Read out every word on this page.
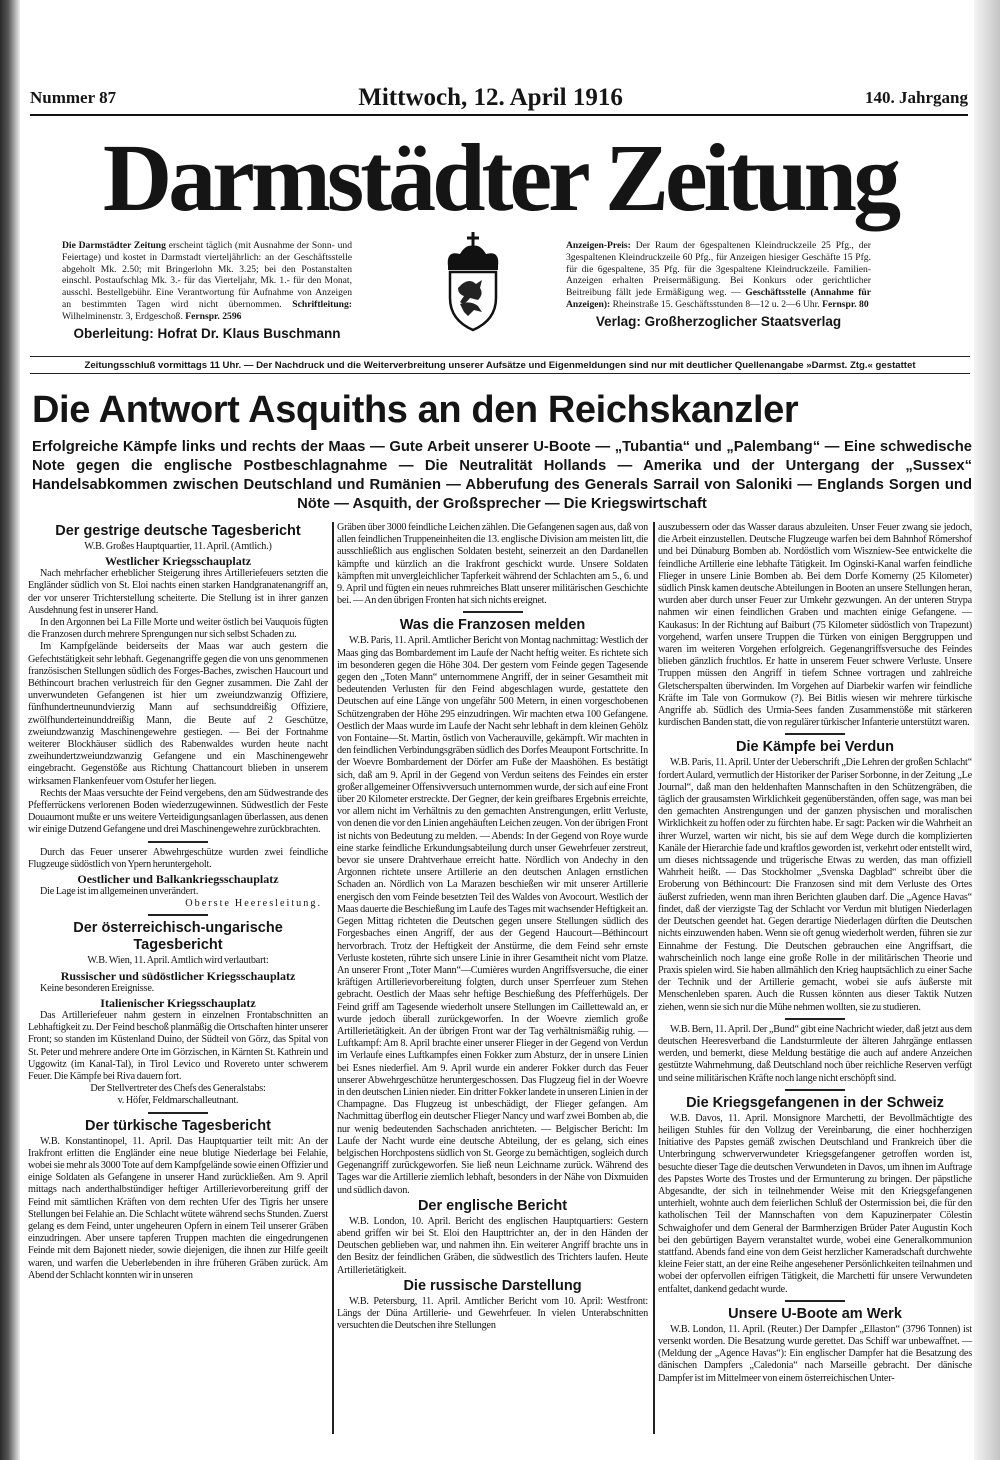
Nummer 87	Mittwoch, 12. April 1916	140. Jahrgang
Darmstädter Zeitung
Die Darmstädter Zeitung erscheint täglich (mit Ausnahme der Sonn- und Feiertage) und kostet in Darmstadt vierteljährlich: an der Geschäftsstelle abgeholt Mk. 2.50; mit Bringerlohn Mk. 3.25; bei den Postanstalten einschl. Postaufschlag Mk. 3.- für das Vierteljahr, Mk. 1.- für den Monat, ausschl. Bestellgebühr. Eine Verantwortung für Aufnahme von Anzeigen an bestimmten Tagen wird nicht übernommen. Schriftleitung: Wilhelminenstr. 3, Erdgeschoß. Fernspr. 2596
Oberleitung: Hofrat Dr. Klaus Buschmann
Anzeigen-Preis: Der Raum der 6gespaltenen Kleindruckzeile 25 Pfg., der 3gespaltenen Kleindruckzeile 60 Pfg., für Anzeigen hiesiger Geschäfte 15 Pfg. für die 6gespaltene, 35 Pfg. für die 3gespaltene Kleindruckzeile. Familien-Anzeigen erhalten Preisermäßigung. Bei Konkurs oder gerichtlicher Beitreibung fällt jede Ermäßigung weg. — Geschäftsstelle (Annahme für Anzeigen): Rheinstraße 15. Geschäftsstunden 8—12 u. 2—6 Uhr. Fernspr. 80
Verlag: Großherzoglicher Staatsverlag
Zeitungsschluß vormittags 11 Uhr. — Der Nachdruck und die Weiterverbreitung unserer Aufsätze und Eigenmeldungen sind nur mit deutlicher Quellenangabe »Darmst. Ztg.« gestattet
Die Antwort Asquiths an den Reichskanzler
Erfolgreiche Kämpfe links und rechts der Maas — Gute Arbeit unserer U-Boote — „Tubantia“ und „Palembang“ — Eine schwedische Note gegen die englische Postbeschlagnahme — Die Neutralität Hollands — Amerika und der Untergang der „Sussex“ Handelsabkommen zwischen Deutschland und Rumänien — Abberufung des Generals Sarrail von Saloniki — Englands Sorgen und Nöte — Asquith, der Großsprecher — Die Kriegswirtschaft
Der gestrige deutsche Tagesbericht
W.B. Großes Hauptquartier, 11. April. (Amtlich.)
Westlicher Kriegsschauplatz

Nach mehrfacher erheblicher Steigerung ihres Artilleriefeuers setzten die Engländer südlich von St. Eloi nachts einen starken Handgranatenangriff an, der vor unserer Trichterstellung scheiterte. Die Stellung ist in ihrer ganzen Ausdehnung fest in unserer Hand.

In den Argonnen bei La Fille Morte und weiter östlich bei Vauquois fügten die Franzosen durch mehrere Sprengungen nur sich selbst Schaden zu.

Im Kampfgelände beiderseits der Maas war auch gestern die Gefechtstätigkeit sehr lebhaft. Gegenangriffe gegen die von uns genommenen französischen Stellungen südlich des Forges-Baches, zwischen Haucourt und Béthincourt brachen verlustreich für den Gegner zusammen. Die Zahl der unverwundeten Gefangenen ist hier um zweiundzwanzig Offiziere, fünfhundertneunundvierzig Mann auf sechsunddreißig Offiziere, zwölfhunderteinunddreißig Mann, die Beute auf 2 Geschütze, zweiundzwanzig Maschinengewehre gestiegen. — Bei der Fortnahme weiterer Blockhäuser südlich des Rabenwaldes wurden heute nacht zweihundertzweiundzwanzig Gefangene und ein Maschinengewehr eingebracht. Gegenstöße aus Richtung Chattancourt blieben in unserem wirksamen Flankenfeuer vom Ostufer her liegen.

Rechts der Maas versuchte der Feind vergebens, den am Südwestrande des Pfefferrückens verlorenen Boden wiederzugewinnen. Südwestlich der Feste Douaumont mußte er uns weitere Verteidigungsanlagen überlassen, aus denen wir einige Dutzend Gefangene und drei Maschinengewehre zurückbrachten.

Durch das Feuer unserer Abwehrgeschütze wurden zwei feindliche Flugzeuge südöstlich von Ypern heruntergeholt.

Oestlicher und Balkankriegsschauplatz

Die Lage ist im allgemeinen unverändert.

Oberste Heeresleitung.
Der österreichisch-ungarische Tagesbericht
W.B. Wien, 11. April. Amtlich wird verlautbart:
Russischer und südöstlicher Kriegsschauplatz

Keine besonderen Ereignisse.

Italienischer Kriegsschauplatz

Das Artilleriefeuer nahm gestern in einzelnen Frontabschnitten an Lebhaftigkeit zu. Der Feind beschoß planmäßig die Ortschaften hinter unserer Front; so standen im Küstenland Duino, der Südteil von Görz, das Spital von St. Peter und mehrere andere Orte im Görzischen, in Kärnten St. Kathrein und Uggowitz (im Kanal-Tal), in Tirol Levico und Rovereto unter schwerem Feuer. Die Kämpfe bei Riva dauern fort.

Der Stellvertreter des Chefs des Generalstabs:
v. Höfer, Feldmarschalleutnant.
Der türkische Tagesbericht

W.B. Konstantinopel, 11. April. Das Hauptquartier teilt mit: An der Irakfront erlitten die Engländer eine neue blutige Niederlage bei Felahie, wobei sie mehr als 3000 Tote auf dem Kampfgelände sowie einen Offizier und einige Soldaten als Gefangene in unserer Hand zurückließen. Am 9. April mittags nach anderthalbstündiger heftiger Artillerievorbereitung griff der Feind mit sämtlichen Kräften von dem rechten Ufer des Tigris her unsere Stellungen bei Felahie an. Die Schlacht wütete während sechs Stunden. Zuerst gelang es dem Feind, unter ungeheuren Opfern in einem Teil unserer Gräben einzudringen. Aber unsere tapferen Truppen machten die eingedrungenen Feinde mit dem Bajonett nieder, sowie diejenigen, die ihnen zur Hilfe geeilt waren, und warfen die Ueberlebenden in ihre früheren Gräben zurück. Am Abend der Schlacht konnten wir in unseren

Gräben über 3000 feindliche Leichen zählen. Die Gefangenen sagen aus, daß von allen feindlichen Truppeneinheiten die 13. englische Division am meisten litt, die ausschließlich aus englischen Soldaten besteht, seinerzeit an den Dardanellen kämpfte und kürzlich an die Irakfront geschickt wurde. Unsere Soldaten kämpften mit unvergleichlicher Tapferkeit während der Schlachten am 5., 6. und 9. April und fügten ein neues ruhmreiches Blatt unserer militärischen Geschichte bei. — An den übrigen Fronten hat sich nichts ereignet.

Was die Franzosen melden

W.B. Paris, 11. April. Amtlicher Bericht von Montag nachmittag: Westlich der Maas ging das Bombardement im Laufe der Nacht heftig weiter. Es richtete sich im besonderen gegen die Höhe 304. Der gestern vom Feinde gegen Tagesende gegen den „Toten Mann“ unternommene Angriff, der in seiner Gesamtheit mit bedeutenden Verlusten für den Feind abgeschlagen wurde, gestattete den Deutschen auf eine Länge von ungefähr 500 Metern, in einen vorgeschobenen Schützengraben der Höhe 295 einzudringen. Wir machten etwa 100 Gefangene. Oestlich der Maas wurde im Laufe der Nacht sehr lebhaft in dem kleinen Gehölz von Fontaine—St. Martin, östlich von Vacherauville, gekämpft. Wir machten in den feindlichen Verbindungsgräben südlich des Dorfes Meaupont Fortschritte. In der Woevre Bombardement der Dörfer am Fuße der Maashöhen. Es bestätigt sich, daß am 9. April in der Gegend von Verdun seitens des Feindes ein erster großer allgemeiner Offensivversuch unternommen wurde, der sich auf eine Front über 20 Kilometer erstreckte. Der Gegner, der kein greifbares Ergebnis erreichte, vor allem nicht im Verhältnis zu den gemachten Anstrengungen, erlitt Verluste, von denen die vor den Linien angehäuften Leichen zeugen. Von der übrigen Front ist nichts von Bedeutung zu melden. — Abends: In der Gegend von Roye wurde eine starke feindliche Erkundungsabteilung durch unser Gewehrfeuer zerstreut, bevor sie unsere Drahtverhaue erreicht hatte. Nördlich von Andechy in den Argonnen richtete unsere Artillerie an den deutschen Anlagen ernstlichen Schaden an. Nördlich von La Marazen beschießen wir mit unserer Artillerie energisch den vom Feinde besetzten Teil des Waldes von Avocourt. Westlich der Maas dauerte die Beschießung im Laufe des Tages mit wachsender Heftigkeit an. Gegen Mittag richteten die Deutschen gegen unsere Stellungen südlich des Forgesbaches einen Angriff, der aus der Gegend Haucourt—Béthincourt hervorbrach. Trotz der Heftigkeit der Anstürme, die dem Feind sehr ernste Verluste kosteten, rührte sich unsere Linie in ihrer Gesamtheit nicht vom Platze. An unserer Front „Toter Mann“—Cumières wurden Angriffsversuche, die einer kräftigen Artillerievorbereitung folgten, durch unser Sperrfeuer zum Stehen gebracht. Oestlich der Maas sehr heftige Beschießung des Pfefferhügels. Der Feind griff am Tagesende wiederholt unsere Stellungen im Caillettewald an, er wurde jedoch überall zurückgeworfen. In der Woevre ziemlich große Artillerietätigkeit. An der übrigen Front war der Tag verhältnismäßig ruhig. — Luftkampf: Am 8. April brachte einer unserer Flieger in der Gegend von Verdun im Verlaufe eines Luftkampfes einen Fokker zum Absturz, der in unsere Linien bei Esnes niederfiel. Am 9. April wurde ein anderer Fokker durch das Feuer unserer Abwehrgeschütze heruntergeschossen. Das Flugzeug fiel in der Woevre in den deutschen Linien nieder. Ein dritter Fokker landete in unseren Linien in der Champagne. Das Flugzeug ist unbeschädigt, der Flieger gefangen. Am Nachmittag überflog ein deutscher Flieger Nancy und warf zwei Bomben ab, die nur wenig bedeutenden Sachschaden anrichteten. — Belgischer Bericht: Im Laufe der Nacht wurde eine deutsche Abteilung, der es gelang, sich eines belgischen Horchpostens südlich von St. George zu bemächtigen, sogleich durch Gegenangriff zurückgeworfen. Sie ließ neun Leichname zurück. Während des Tages war die Artillerie ziemlich lebhaft, besonders in der Nähe von Dixmuiden und südlich davon.

Der englische Bericht

W.B. London, 10. April. Bericht des englischen Hauptquartiers: Gestern abend griffen wir bei St. Eloi den Haupttrichter an, der in den Händen der Deutschen geblieben war, und nahmen ihn. Ein weiterer Angriff brachte uns in den Besitz der feindlichen Gräben, die südwestlich des Trichters laufen. Heute Artillerietätigkeit.

Die russische Darstellung

W.B. Petersburg, 11. April. Amtlicher Bericht vom 10. April: Westfront: Längs der Düna Artillerie- und Gewehrfeuer. In vielen Unterabschnitten versuchten die Deutschen ihre Stellungen

auszubessern oder das Wasser daraus abzuleiten. Unser Feuer zwang sie jedoch, die Arbeit einzustellen. Deutsche Flugzeuge warfen bei dem Bahnhof Römershof und bei Dünaburg Bomben ab. Nordöstlich vom Wiszniew-See entwickelte die feindliche Artillerie eine lebhafte Tätigkeit. Im Oginski-Kanal warfen feindliche Flieger in unsere Linie Bomben ab. Bei dem Dorfe Komerny (25 Kilometer) südlich Pinsk kamen deutsche Abteilungen in Booten an unsere Stellungen heran, wurden aber durch unser Feuer zur Umkehr gezwungen. An der unteren Strypa nahmen wir einen feindlichen Graben und machten einige Gefangene. — Kaukasus: In der Richtung auf Baiburt (75 Kilometer südöstlich von Trapezunt) vorgehend, warfen unsere Truppen die Türken von einigen Berggruppen und waren im weiteren Vorgehen erfolgreich. Gegenangriffsversuche des Feindes blieben gänzlich fruchtlos. Er hatte in unserem Feuer schwere Verluste. Unsere Truppen müssen den Angriff in tiefem Schnee vortragen und zahlreiche Gletscherspalten überwinden. Im Vorgehen auf Diarbekir warfen wir feindliche Kräfte im Tale von Gormukow (?). Bei Bitlis wiesen wir mehrere türkische Angriffe ab. Südlich des Urmia-Sees fanden Zusammenstöße mit stärkeren kurdischen Banden statt, die von regulärer türkischer Infanterie unterstützt waren.

Die Kämpfe bei Verdun

W.B. Paris, 11. April. Unter der Ueberschrift „Die Lehren der großen Schlacht“ fordert Aulard, vermutlich der Historiker der Pariser Sorbonne, in der Zeitung „Le Journal“, daß man den heldenhaften Mannschaften in den Schützengräben, die täglich der grausamsten Wirklichkeit gegenüberständen, offen sage, was man bei den gemachten Anstrengungen und der ganzen physischen und moralischen Wirklichkeit zu hoffen oder zu fürchten habe. Er sagt: Packen wir die Wahrheit an ihrer Wurzel, warten wir nicht, bis sie auf dem Wege durch die komplizierten Kanäle der Hierarchie fade und kraftlos geworden ist, verkehrt oder entstellt wird, um dieses nichtssagende und trügerische Etwas zu werden, das man offiziell Wahrheit heißt. — Das Stockholmer „Svenska Dagblad“ schreibt über die Eroberung von Béthincourt: Die Franzosen sind mit dem Verluste des Ortes äußerst zufrieden, wenn man ihren Berichten glauben darf. Die „Agence Havas“ findet, daß der vierzigste Tag der Schlacht vor Verdun mit blutigen Niederlagen der Deutschen geendet hat. Gegen derartige Niederlagen dürften die Deutschen nichts einzuwenden haben. Wenn sie oft genug wiederholt werden, führen sie zur Einnahme der Festung. Die Deutschen gebrauchen eine Angriffsart, die wahrscheinlich noch lange eine große Rolle in der militärischen Theorie und Praxis spielen wird. Sie haben allmählich den Krieg hauptsächlich zu einer Sache der Technik und der Artillerie gemacht, wobei sie aufs äußerste mit Menschenleben sparen. Auch die Russen könnten aus dieser Taktik Nutzen ziehen, wenn sie sich nur die Mühe nehmen wollten, sie zu studieren.

W.B. Bern, 11. April. Der „Bund“ gibt eine Nachricht wieder, daß jetzt aus dem deutschen Heeresverband die Landsturmleute der älteren Jahrgänge entlassen werden, und bemerkt, diese Meldung bestätige die auch auf andere Anzeichen gestützte Wahrnehmung, daß Deutschland noch über reichliche Reserven verfügt und seine militärischen Kräfte noch lange nicht erschöpft sind.

Die Kriegsgefangenen in der Schweiz

W.B. Davos, 11. April. Monsignore Marchetti, der Bevollmächtigte des heiligen Stuhles für den Vollzug der Vereinbarung, die einer hochherzigen Initiative des Papstes gemäß zwischen Deutschland und Frankreich über die Unterbringung schwerverwundeter Kriegsgefangener getroffen worden ist, besuchte dieser Tage die deutschen Verwundeten in Davos, um ihnen im Auftrage des Papstes Worte des Trostes und der Ermunterung zu bringen. Der päpstliche Abgesandte, der sich in teilnehmender Weise mit den Kriegsgefangenen unterhielt, wohnte auch dem feierlichen Schluß der Ostermission bei, die für den katholischen Teil der Mannschaften von dem Kapuzinerpater Cölestin Schwaighofer und dem General der Barmherzigen Brüder Pater Augustin Koch bei den gebürtigen Bayern veranstaltet wurde, wobei eine Generalkommunion stattfand. Abends fand eine von dem Geist herzlicher Kameradschaft durchwehte kleine Feier statt, an der eine Reihe angesehener Persönlichkeiten teilnahmen und wobei der opfervollen eifrigen Tätigkeit, die Marchetti für unsere Verwundeten entfaltet, dankend gedacht wurde.

Unsere U-Boote am Werk

W.B. London, 11. April. (Reuter.) Der Dampfer „Ellaston“ (3796 Tonnen) ist versenkt worden. Die Besatzung wurde gerettet. Das Schiff war unbewaffnet. — (Meldung der „Agence Havas“): Ein englischer Dampfer hat die Besatzung des dänischen Dampfers „Caledonia“ nach Marseille gebracht. Der dänische Dampfer ist im Mittelmeer von einem österreichischen Unter-
